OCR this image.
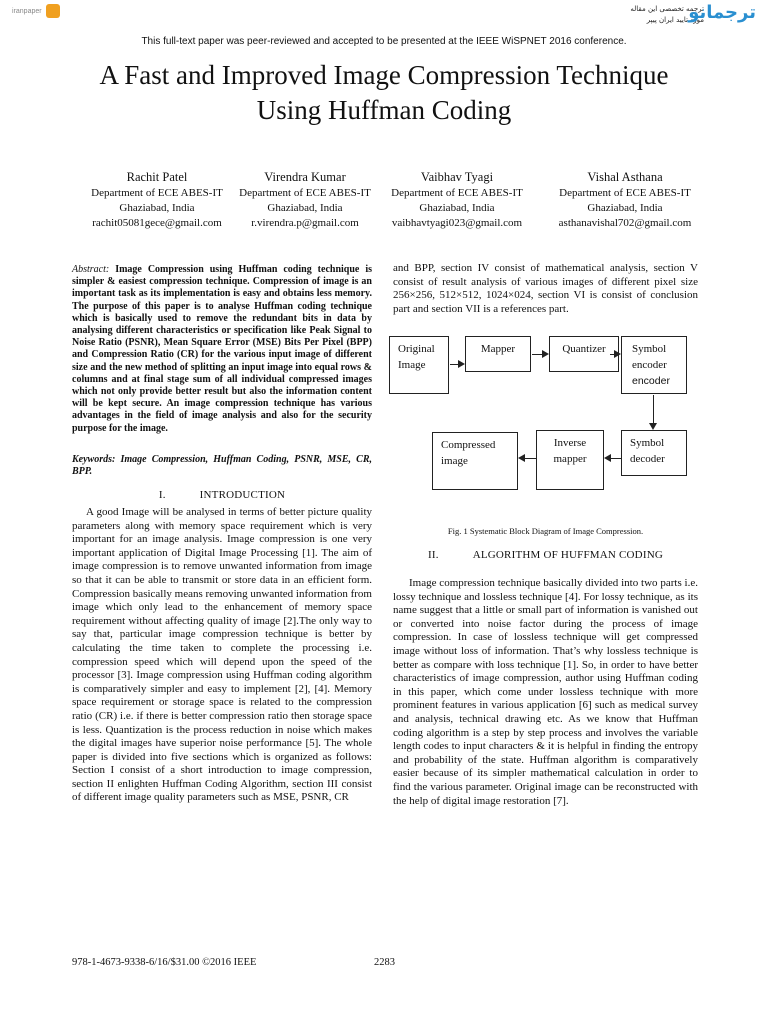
iranpaper	ترجمه تخصصی این مقاله
مورد تایید ایران پیپر
ترجمانو
This full-text paper was peer-reviewed and accepted to be presented at the IEEE WiSPNET 2016 conference.
A Fast and Improved Image Compression Technique
Using Huffman Coding
Rachit Patel
Department of ECE ABES-IT
Ghaziabad, India
rachit05081gece@gmail.com
Virendra Kumar
Department of ECE ABES-IT
Ghaziabad, India
r.virendra.p@gmail.com
Vaibhav Tyagi
Department of ECE ABES-IT
Ghaziabad, India
vaibhavtyagi023@gmail.com
Vishal Asthana
Department of ECE ABES-IT
Ghaziabad, India
asthanavishal702@gmail.com

Abstract: Image Compression using Huffman coding technique is simpler & easiest compression technique. Compression of image is an important task as its implementation is easy and obtains less memory. The purpose of this paper is to analyse Huffman coding technique which is basically used to remove the redundant bits in data by analysing different characteristics or specification like Peak Signal to Noise Ratio (PSNR), Mean Square Error (MSE) Bits Per Pixel (BPP) and Compression Ratio (CR) for the various input image of different size and the new method of splitting an input image into equal rows & columns and at final stage sum of all individual compressed images which not only provide better result but also the information content will be kept secure. An image compression technique has various advantages in the field of image analysis and also for the security purpose for the image.

Keywords: Image Compression, Huffman Coding, PSNR, MSE, CR, BPP.
I.	INTRODUCTION

A good Image will be analysed in terms of better picture quality parameters along with memory space requirement which is very important for an image analysis. Image compression is one very important application of Digital Image Processing [1]. The aim of image compression is to remove unwanted information from image so that it can be able to transmit or store data in an efficient form. Compression basically means removing unwanted information from image which only lead to the enhancement of memory space requirement without affecting quality of image [2].The only way to say that, particular image compression technique is better by calculating the time taken to complete the processing i.e. compression speed which will depend upon the speed of the processor [3]. Image compression using Huffman coding algorithm is comparatively simpler and easy to implement [2], [4]. Memory space requirement or storage space is related to the compression ratio (CR) i.e. if there is better compression ratio then storage space is less. Quantization is the process reduction in noise which makes the digital images have superior noise performance [5]. The whole paper is divided into five sections which is organized as follows: Section I consist of a short introduction to image compression, section II enlighten Huffman Coding Algorithm, section III consist of different image quality parameters such as MSE, PSNR, CR

and BPP, section IV consist of mathematical analysis, section V consist of result analysis of various images of different pixel size 256×256, 512×512, 1024×024, section VI is consist of conclusion part and section VII is a references part.

Original
Image
Mapper	Quantizer	Symbol
encoder
encoder
Symbol
decoder
Inverse
mapper
Compressed
image
Fig. 1 Systematic Block Diagram of Image Compression.
II.	ALGORITHM OF HUFFMAN CODING

Image compression technique basically divided into two parts i.e. lossy technique and lossless technique [4]. For lossy technique, as its name suggest that a little or small part of information is vanished out or converted into noise factor during the process of image compression. In case of lossless technique will get compressed image without loss of information. That’s why lossless technique is better as compare with loss technique [1]. So, in order to have better characteristics of image compression, author using Huffman coding in this paper, which come under lossless technique with more prominent features in various application [6] such as medical survey and analysis, technical drawing etc. As we know that Huffman coding algorithm is a step by step process and involves the variable length codes to input characters & it is helpful in finding the entropy and probability of the state. Huffman algorithm is comparatively easier because of its simpler mathematical calculation in order to find the various parameter. Original image can be reconstructed with the help of digital image restoration [7].

978-1-4673-9338-6/16/$31.00 ©2016 IEEE	2283
